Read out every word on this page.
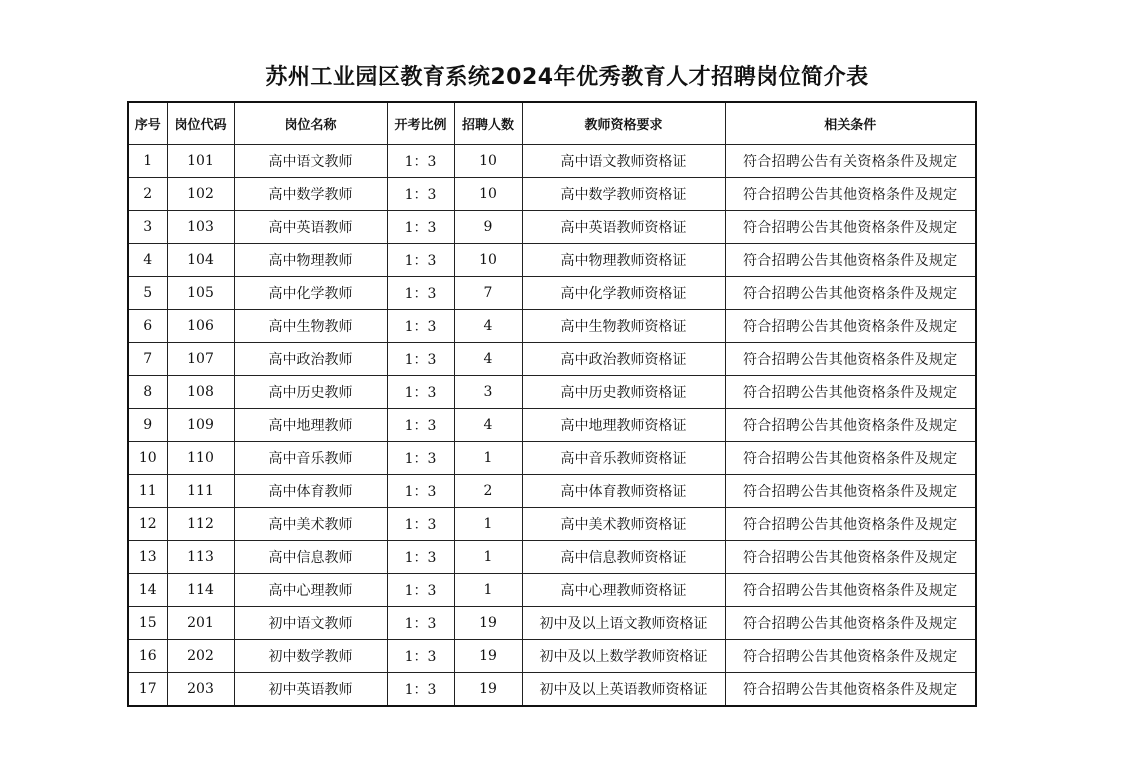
苏州工业园区教育系统2024年优秀教育人才招聘岗位简介表
序号	岗位代码	岗位名称	开考比例	招聘人数	教师资格要求	相关条件
1	101	高中语文教师	1：3	10	高中语文教师资格证	符合招聘公告有关资格条件及规定
2	102	高中数学教师	1：3	10	高中数学教师资格证	符合招聘公告其他资格条件及规定
3	103	高中英语教师	1：3	9	高中英语教师资格证	符合招聘公告其他资格条件及规定
4	104	高中物理教师	1：3	10	高中物理教师资格证	符合招聘公告其他资格条件及规定
5	105	高中化学教师	1：3	7	高中化学教师资格证	符合招聘公告其他资格条件及规定
6	106	高中生物教师	1：3	4	高中生物教师资格证	符合招聘公告其他资格条件及规定
7	107	高中政治教师	1：3	4	高中政治教师资格证	符合招聘公告其他资格条件及规定
8	108	高中历史教师	1：3	3	高中历史教师资格证	符合招聘公告其他资格条件及规定
9	109	高中地理教师	1：3	4	高中地理教师资格证	符合招聘公告其他资格条件及规定
10	110	高中音乐教师	1：3	1	高中音乐教师资格证	符合招聘公告其他资格条件及规定
11	111	高中体育教师	1：3	2	高中体育教师资格证	符合招聘公告其他资格条件及规定
12	112	高中美术教师	1：3	1	高中美术教师资格证	符合招聘公告其他资格条件及规定
13	113	高中信息教师	1：3	1	高中信息教师资格证	符合招聘公告其他资格条件及规定
14	114	高中心理教师	1：3	1	高中心理教师资格证	符合招聘公告其他资格条件及规定
15	201	初中语文教师	1：3	19	初中及以上语文教师资格证	符合招聘公告其他资格条件及规定
16	202	初中数学教师	1：3	19	初中及以上数学教师资格证	符合招聘公告其他资格条件及规定
17	203	初中英语教师	1：3	19	初中及以上英语教师资格证	符合招聘公告其他资格条件及规定
